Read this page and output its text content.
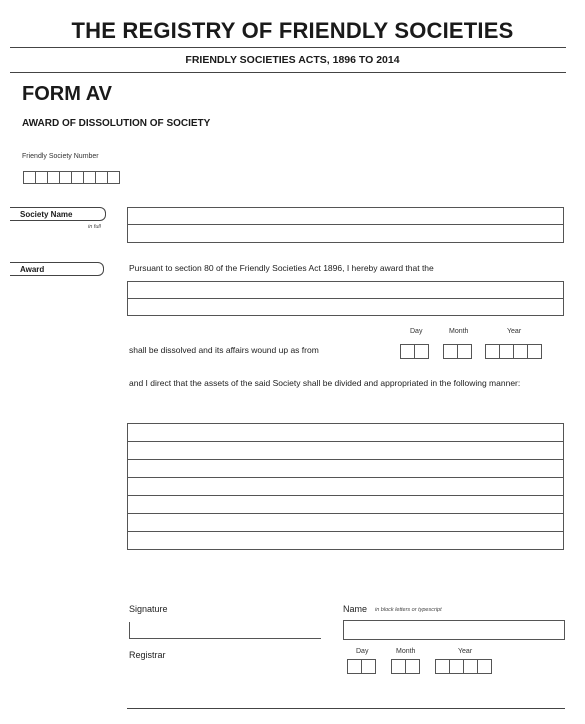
THE REGISTRY OF FRIENDLY SOCIETIES
FRIENDLY SOCIETIES ACTS, 1896 TO 2014
FORM AV
AWARD OF DISSOLUTION OF SOCIETY
Friendly Society Number
Society Name
in full
Award	Pursuant to section 80 of the Friendly Societies Act 1896, I hereby award that the
Day	Month	Year
shall be dissolved and its affairs wound up as from
and I direct that the assets of the said Society shall be divided and appropriated in the following manner:
Signature
Registrar
Name in block letters or typescript
Day	Month	Year
